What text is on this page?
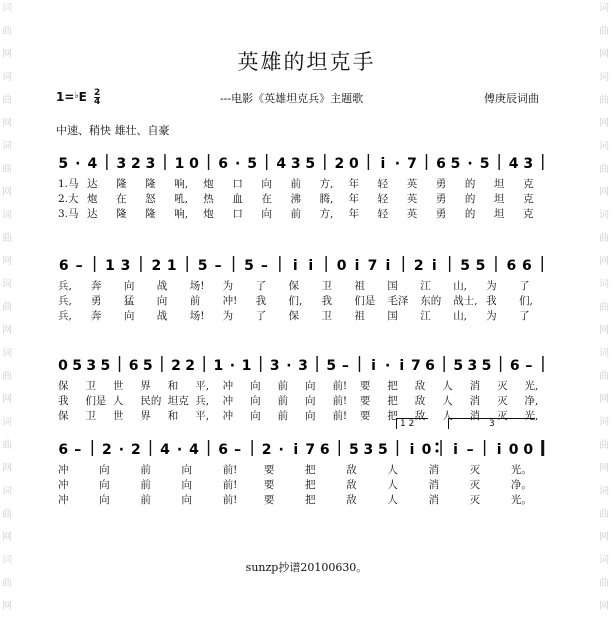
词
曲
网
词
曲
网
词
曲
网
词
曲
网
词
曲
网
词
曲
网
词
曲
网
词
曲
网
词
曲
网
词
曲
网
词
曲
网
词
曲
网
词
曲
网
词
曲
网
词
曲
网
词
曲
网
词
曲
网
词
曲
网
英雄的坦克手
$1=^♭E \frac{2}{4}$	---电影《英雄坦克兵》主题歌	傅庚辰词曲
中速、稍快 雄壮、自豪
5 · 4 3 2 3 1 0 6 · 5 4 3 5 2 0 i · 7 6 5 · 5 4 3
1.马 达 隆 隆 响, 炮 口 向 前 方, 年 轻 英 勇 的 坦 克
2.大 炮 在 怒 吼, 热 血 在 沸 腾, 年 轻 英 勇 的 坦 克
3.马 达 隆 隆 响, 炮 口 向 前 方, 年 轻 英 勇 的 坦 克
6 – 1 3 2 1 5 – 5 – i i 0 i 7 i 2 i 5 5 6 6
兵, 奔 向 战 场! 为 了 保 卫 祖 国 江 山, 为 了
兵, 勇 猛 向 前 冲! 我 们, 我 们是 毛泽 东的 战士, 我 们,
兵, 奔 向 战 场! 为 了 保 卫 祖 国 江 山, 为 了
0 5 3 5 6 5 2 2 1 · 1 3 · 3 5 – i · i 7 6 5 3 5 6 –
保 卫 世 界 和 平, 冲 向 前 向 前! 要 把 敌 人 消 灭 光,
我 们是 人 民的 坦克 兵, 冲 向 前 向 前! 要 把 敌 人 消 灭 净,
保 卫 世 界 和 平, 冲 向 前 向 前! 要 把 敌 人 消 灭 光,
6 – 2 · 2 4 · 4 6 – 2 · i 7 6 5 3 5 i 0 i – i 0 0
1 2	3
冲	向	前	向	前!	要	把	敌	人	消	灭	光。
冲	向	前	向	前!	要	把	敌	人	消	灭	净。
冲	向	前	向	前!	要	把	敌	人	消	灭	光。
sunzp抄谱20100630。
